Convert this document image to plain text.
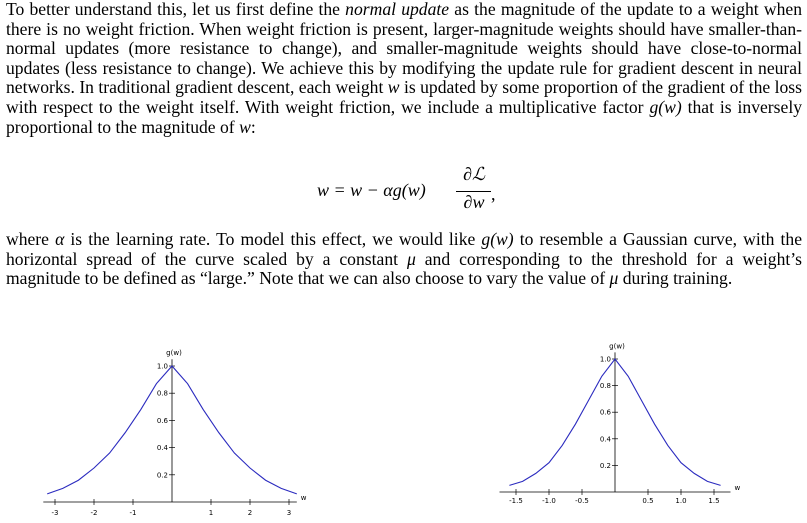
To better understand this, let us first define the normal update as the magnitude of the update to a weight when there is no weight friction. When weight friction is present, larger-magnitude weights should have smaller-than-normal updates (more resistance to change), and smaller-magnitude weights should have close-to-normal updates (less resistance to change). We achieve this by modifying the update rule for gradient descent in neural networks. In traditional gradient descent, each weight w is updated by some proportion of the gradient of the loss with respect to the weight itself. With weight friction, we include a multiplicative factor g(w) that is inversely proportional to the magnitude of w:

w = w − αg(w)
∂ℒ
∂w ,

where α is the learning rate. To model this effect, we would like g(w) to resemble a Gaussian curve, with the horizontal spread of the curve scaled by a constant μ and corresponding to the threshold for a weight’s magnitude to be defined as “large.” Note that we can also choose to vary the value of μ during training.

-3	-2	-1	1	2	3
0.2
0.4
0.6
0.8
1.0
w
g(w)
-1.5	-1.0	-0.5	0.5	1.0	1.5
0.2
0.4
0.6
0.8
1.0
w
g(w)
